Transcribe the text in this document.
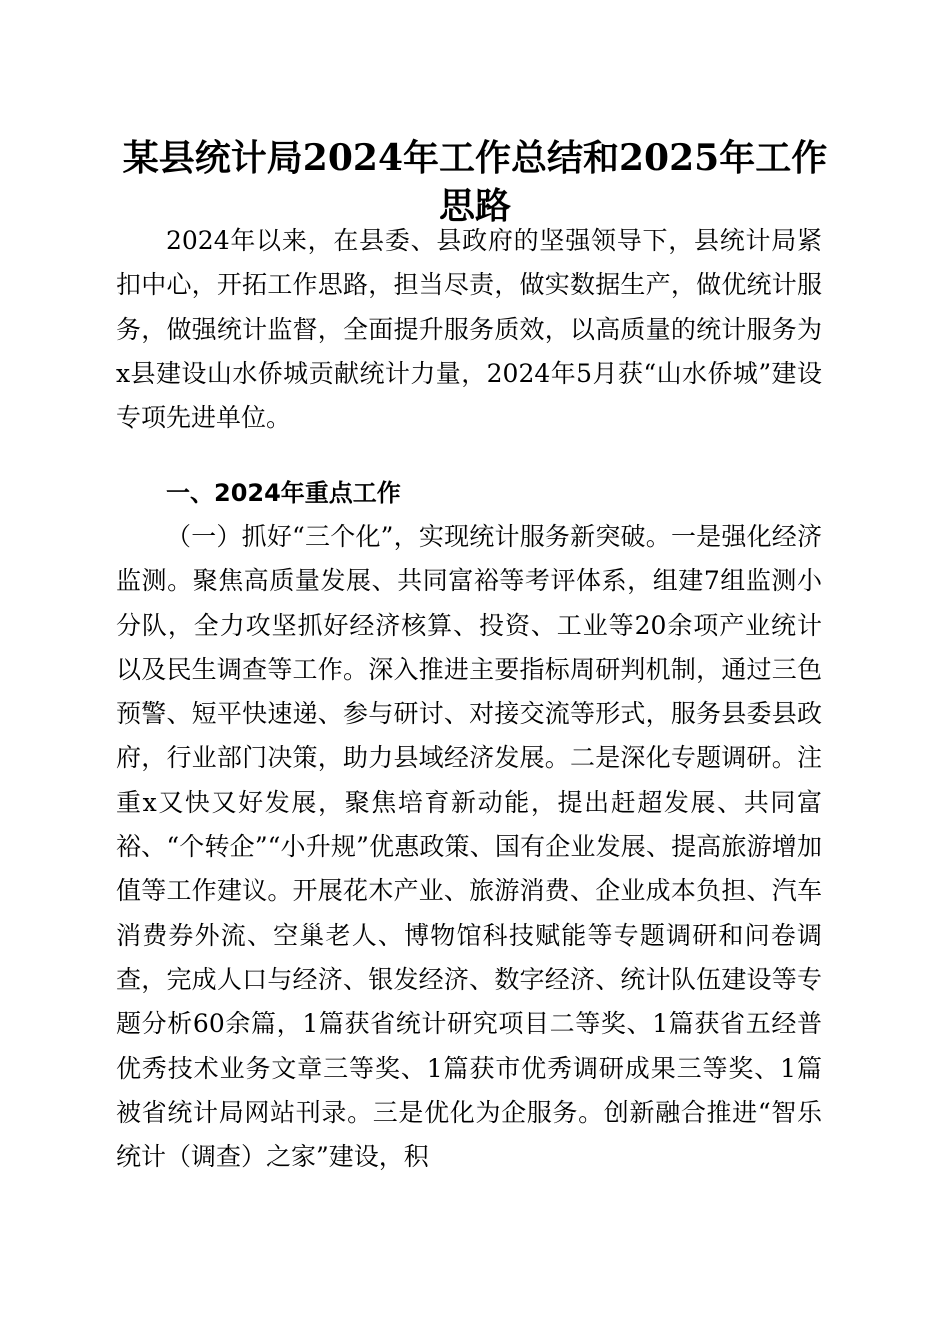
某县统计局2024年工作总结和2025年工作思路

2024年以来，在县委、县政府的坚强领导下，县统计局紧扣中心，开拓工作思路，担当尽责，做实数据生产，做优统计服务，做强统计监督，全面提升服务质效，以高质量的统计服务为x县建设山水侨城贡献统计力量，2024年5月获“山水侨城”建设专项先进单位。

一、2024年重点工作

（一）抓好“三个化”，实现统计服务新突破。一是强化经济监测。聚焦高质量发展、共同富裕等考评体系，组建7组监测小分队，全力攻坚抓好经济核算、投资、工业等20余项产业统计以及民生调查等工作。深入推进主要指标周研判机制，通过三色预警、短平快速递、参与研讨、对接交流等形式，服务县委县政府，行业部门决策，助力县域经济发展。二是深化专题调研。注重x又快又好发展，聚焦培育新动能，提出赶超发展、共同富裕、“个转企”“小升规”优惠政策、国有企业发展、提高旅游增加值等工作建议。开展花木产业、旅游消费、企业成本负担、汽车消费券外流、空巢老人、博物馆科技赋能等专题调研和问卷调查，完成人口与经济、银发经济、数字经济、统计队伍建设等专题分析60余篇，1篇获省统计研究项目二等奖、1篇获省五经普优秀技术业务文章三等奖、1篇获市优秀调研成果三等奖、1篇被省统计局网站刊录。三是优化为企服务。创新融合推进“智乐统计（调查）之家”建设，积
